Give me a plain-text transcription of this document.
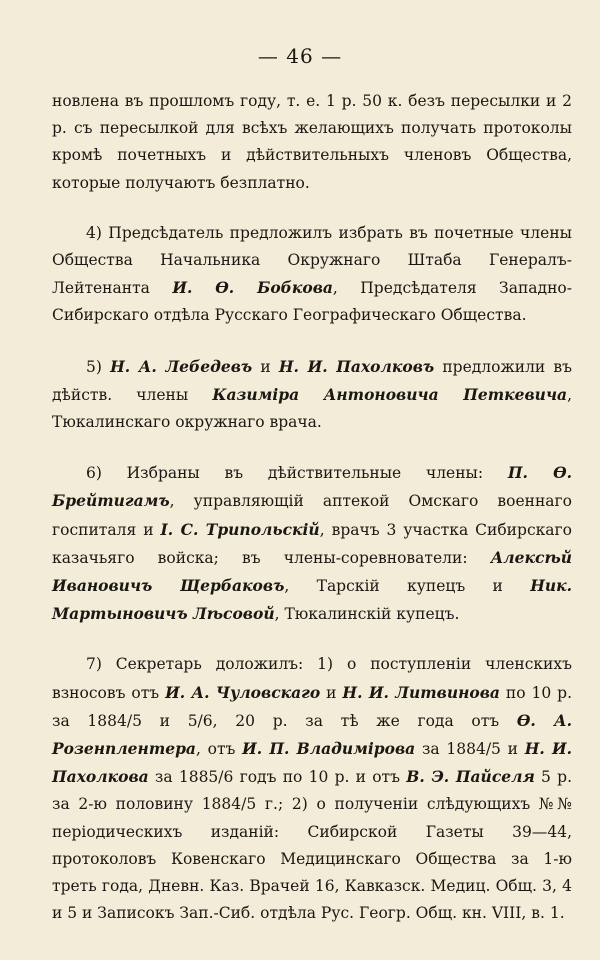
— 46 —

новлена въ прошломъ году, т. е. 1 р. 50 к. безъ пересылки и 2 р. съ пересылкой для всѣхъ желающихъ получать протоколы кромѣ почетныхъ и дѣйствительныхъ членовъ Общества, которые получаютъ безплатно.

4) Предсѣдатель предложилъ избрать въ почетные члены Общества Начальника Окружнаго Штаба Генералъ-Лейтенанта И. Ѳ. Бобкова, Предсѣдателя Западно-Сибирскаго отдѣла Русскаго Географическаго Общества.

5) Н. А. Лебедевъ и Н. И. Пахолковъ предложили въ дѣйств. члены Казиміра Антоновича Петкевича, Тюкалинскаго окружнаго врача.

6) Избраны въ дѣйствительные члены: П. Ѳ. Брейтигамъ, управляющій аптекой Омскаго военнаго госпиталя и І. С. Трипольскій, врачъ 3 участка Сибирскаго казачьяго войска; въ члены-соревнователи: Алексѣй Ивановичъ Щербаковъ, Тарскій купецъ и Ник. Мартыновичъ Лѣсовой, Тюкалинскій купецъ.

7) Секретарь доложилъ: 1) о поступленіи членскихъ взносовъ отъ И. А. Чуловскаго и Н. И. Литвинова по 10 р. за 1884/5 и 5/6, 20 р. за тѣ же года отъ Ѳ. А. Розенплентера, отъ И. П. Владимірова за 1884/5 и Н. И. Пахолкова за 1885/6 годъ по 10 р. и отъ В. Э. Пайселя 5 р. за 2-ю половину 1884/5 г.; 2) о полученіи слѣдующихъ №№ періодическихъ изданій: Сибирской Газеты 39—44, протоколовъ Ковенскаго Медицинскаго Общества за 1-ю треть года, Дневн. Каз. Врачей 16, Кавказск. Медиц. Общ. 3, 4 и 5 и Записокъ Зап.-Сиб. отдѣла Рус. Геогр. Общ. кн. VIII, в. 1.
